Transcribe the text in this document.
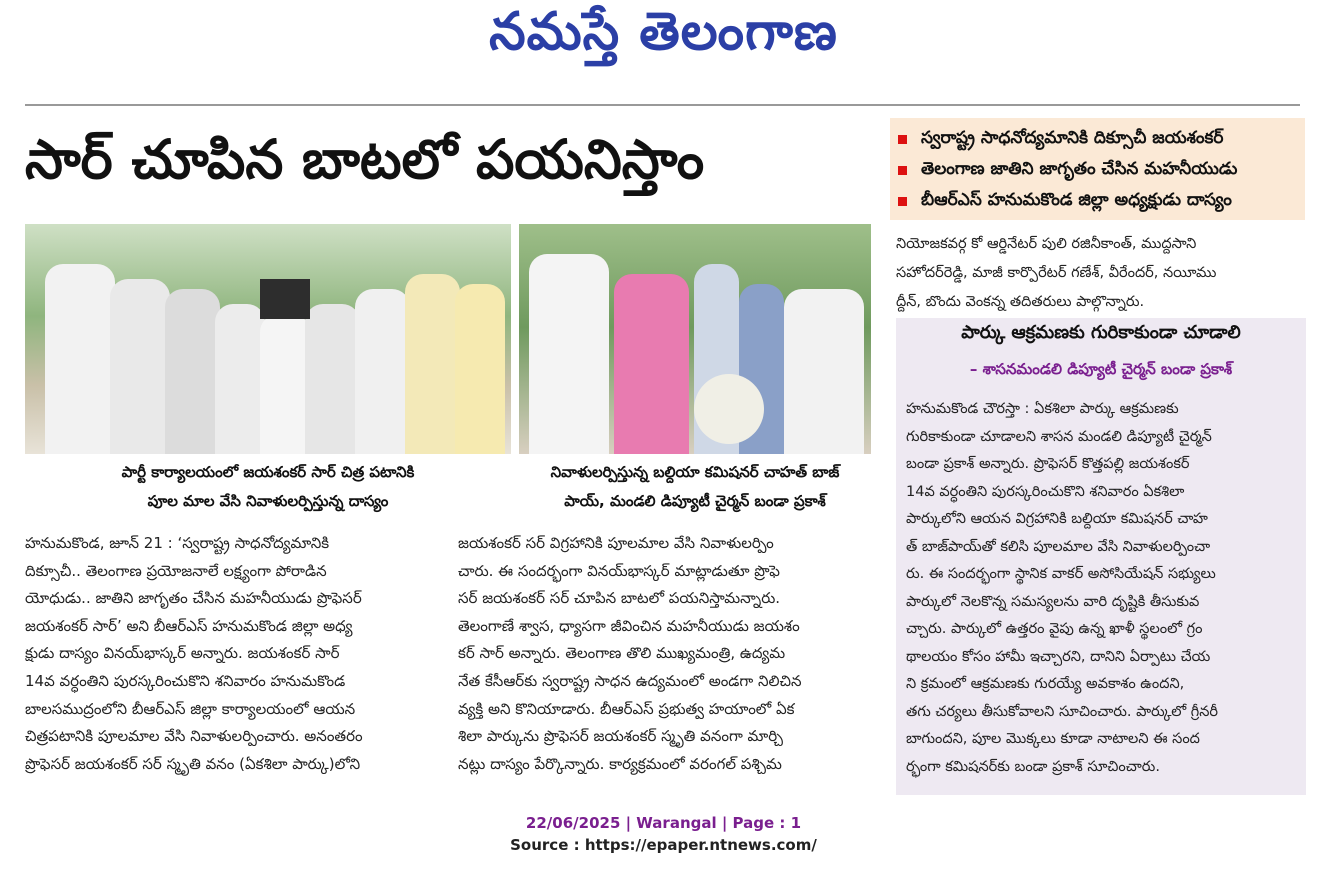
నమస్తే తెలంగాణ
సార్‌ చూపిన బాటలో పయనిస్తాం	స్వరాష్ట్ర సాధనోద్యమానికి దిక్సూచీ జయశంకర్
తెలంగాణ జాతిని జాగృతం చేసిన మహనీయుడు
బీఆర్‌ఎస్‌ హనుమకొండ జిల్లా అధ్యక్షుడు దాస్యం

నియోజకవర్గ కో ఆర్డినేటర్‌ పులి రజినీకాంత్‌, ముద్దసాని

సహోదర్‌రెడ్డి, మాజీ కార్పొరేటర్‌ గణేశ్‌, వీరేందర్‌, నయీము

ద్దీన్‌, బొందు వెంకన్న తదితరులు పాల్గొన్నారు.

పార్టీ కార్యాలయంలో జయశంకర్‌ సార్‌ చిత్ర పటానికి
పూల మాల వేసి నివాళులర్పిస్తున్న దాస్యం
నివాళులర్పిస్తున్న బల్దియా కమిషనర్‌ చాహత్‌ బాజ్‌
పాయ్‌, మండలి డిప్యూటీ చైర్మన్‌ బండా ప్రకాశ్‌

హనుమకొండ, జూన్‌ 21 : ‘స్వరాష్ట్ర సాధనోద్యమానికి

దిక్సూచీ.. తెలంగాణ ప్రయోజనాలే లక్ష్యంగా పోరాడిన

యోధుడు.. జాతిని జాగృతం చేసిన మహనీయుడు ప్రొఫెసర్‌

జయశంకర్‌ సార్‌’ అని బీఆర్‌ఎస్‌ హనుమకొండ జిల్లా అధ్య

క్షుడు దాస్యం వినయ్‌భాస్కర్‌ అన్నారు. జయశంకర్‌ సార్‌

14వ వర్ధంతిని పురస్కరించుకొని శనివారం హనుమకొండ

బాలసముద్రంలోని బీఆర్‌ఎస్‌ జిల్లా కార్యాలయంలో ఆయన

చిత్రపటానికి పూలమాల వేసి నివాళులర్పించారు. అనంతరం

ప్రొఫెసర్‌ జయశంకర్‌ సర్‌ స్మృతి వనం (ఏకశిలా పార్కు)లోని

జయశంకర్‌ సర్‌ విగ్రహానికి పూలమాల వేసి నివాళులర్పిం

చారు. ఈ సందర్భంగా వినయ్‌భాస్కర్‌ మాట్లాడుతూ ప్రొఫె

సర్‌ జయశంకర్‌ సర్‌ చూపిన బాటలో పయనిస్తామన్నారు.

తెలంగాణే శ్వాస, ధ్యాసగా జీవించిన మహనీయుడు జయశం

కర్‌ సార్‌ అన్నారు. తెలంగాణ తొలి ముఖ్యమంత్రి, ఉద్యమ

నేత కేసీఆర్‌కు స్వరాష్ట్ర సాధన ఉద్యమంలో అండగా నిలిచిన

వ్యక్తి అని కొనియాడారు. బీఆర్‌ఎస్‌ ప్రభుత్వ హయాంలో ఏక

శిలా పార్కును ప్రొఫెసర్‌ జయశంకర్‌ స్మృతి వనంగా మార్చి

నట్లు దాస్యం పేర్కొన్నారు. కార్యక్రమంలో వరంగల్‌ పశ్చిమ

పార్కు ఆక్రమణకు గురికాకుండా చూడాలి
– శాసనమండలి డిప్యూటీ చైర్మన్‌ బండా ప్రకాశ్‌

హనుమకొండ చౌరస్తా : ఏకశిలా పార్కు ఆక్రమణకు

గురికాకుండా చూడాలని శాసన మండలి డిప్యూటీ చైర్మన్‌

బండా ప్రకాశ్‌ అన్నారు. ప్రొఫెసర్‌ కొత్తపల్లి జయశంకర్‌

14వ వర్ధంతిని పురస్కరించుకొని శనివారం ఏకశిలా

పార్కులోని ఆయన విగ్రహానికి బల్దియా కమిషనర్‌ చాహ

త్‌ బాజ్‌పాయ్‌తో కలిసి పూలమాల వేసి నివాళులర్పించా

రు. ఈ సందర్భంగా స్థానిక వాకర్‌ అసోసియేషన్‌ సభ్యులు

పార్కులో నెలకొన్న సమస్యలను వారి దృష్టికి తీసుకువ

చ్చారు. పార్కులో ఉత్తరం వైపు ఉన్న ఖాళీ స్థలంలో గ్రం

థాలయం కోసం హామీ ఇచ్చారని, దానిని ఏర్పాటు చేయ

ని క్రమంలో ఆక్రమణకు గురయ్యే అవకాశం ఉందని,

తగు చర్యలు తీసుకోవాలని సూచించారు. పార్కులో గ్రీనరీ

బాగుందని, పూల మొక్కలు కూడా నాటాలని ఈ సంద

ర్భంగా కమిషనర్‌కు బండా ప్రకాశ్‌ సూచించారు.

22/06/2025 | Warangal | Page : 1
Source : https://epaper.ntnews.com/
